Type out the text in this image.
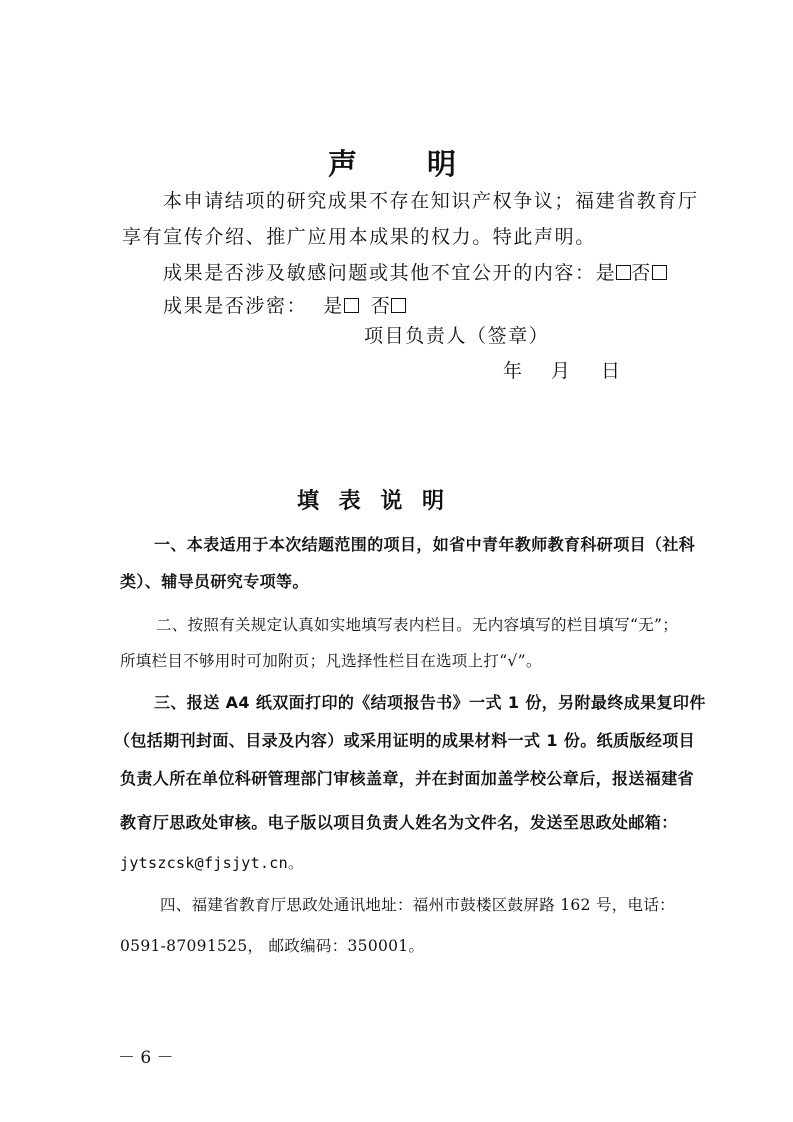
声 明
本申请结项的研究成果不存在知识产权争议；福建省教育厅
享有宣传介绍、推广应用本成果的权力。特此声明。
成果是否涉及敏感问题或其他不宜公开的内容：是 否
成果是否涉密： 是 否
项目负责人（签章）
年 月 日
填 表 说 明
一、本表适用于本次结题范围的项目，如省中青年教师教育科研项目（社科
类）、辅导员研究专项等。
二、按照有关规定认真如实地填写表内栏目。无内容填写的栏目填写“无”；
所填栏目不够用时可加附页；凡选择性栏目在选项上打“√”。
三、报送 A4 纸双面打印的《结项报告书》一式 1 份，另附最终成果复印件
（包括期刊封面、目录及内容）或采用证明的成果材料一式 1 份。纸质版经项目
负责人所在单位科研管理部门审核盖章，并在封面加盖学校公章后，报送福建省
教育厅思政处审核。电子版以项目负责人姓名为文件名，发送至思政处邮箱：
jytszcsk@fjsjyt.cn。
四、福建省教育厅思政处通讯地址：福州市鼓楼区鼓屏路 162 号，电话：
0591-87091525， 邮政编码：350001。
－ 6 －
